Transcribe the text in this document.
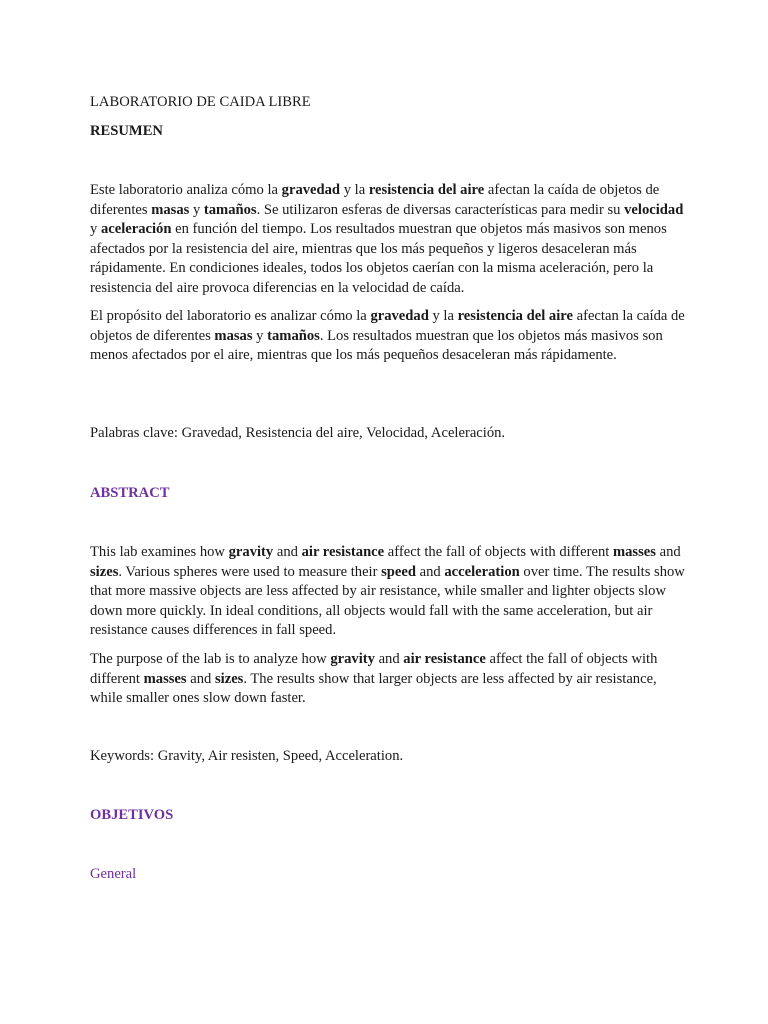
LABORATORIO DE CAIDA LIBRE

RESUMEN

Este laboratorio analiza cómo la gravedad y la resistencia del aire afectan la caída de objetos de diferentes masas y tamaños. Se utilizaron esferas de diversas características para medir su velocidad y aceleración en función del tiempo. Los resultados muestran que objetos más masivos son menos afectados por la resistencia del aire, mientras que los más pequeños y ligeros desaceleran más rápidamente. En condiciones ideales, todos los objetos caerían con la misma aceleración, pero la resistencia del aire provoca diferencias en la velocidad de caída.

El propósito del laboratorio es analizar cómo la gravedad y la resistencia del aire afectan la caída de objetos de diferentes masas y tamaños. Los resultados muestran que los objetos más masivos son menos afectados por el aire, mientras que los más pequeños desaceleran más rápidamente.

Palabras clave: Gravedad, Resistencia del aire, Velocidad, Aceleración.

ABSTRACT

This lab examines how gravity and air resistance affect the fall of objects with different masses and sizes. Various spheres were used to measure their speed and acceleration over time. The results show that more massive objects are less affected by air resistance, while smaller and lighter objects slow down more quickly. In ideal conditions, all objects would fall with the same acceleration, but air resistance causes differences in fall speed.

The purpose of the lab is to analyze how gravity and air resistance affect the fall of objects with different masses and sizes. The results show that larger objects are less affected by air resistance, while smaller ones slow down faster.

Keywords: Gravity, Air resisten, Speed, Acceleration.

OBJETIVOS

General
